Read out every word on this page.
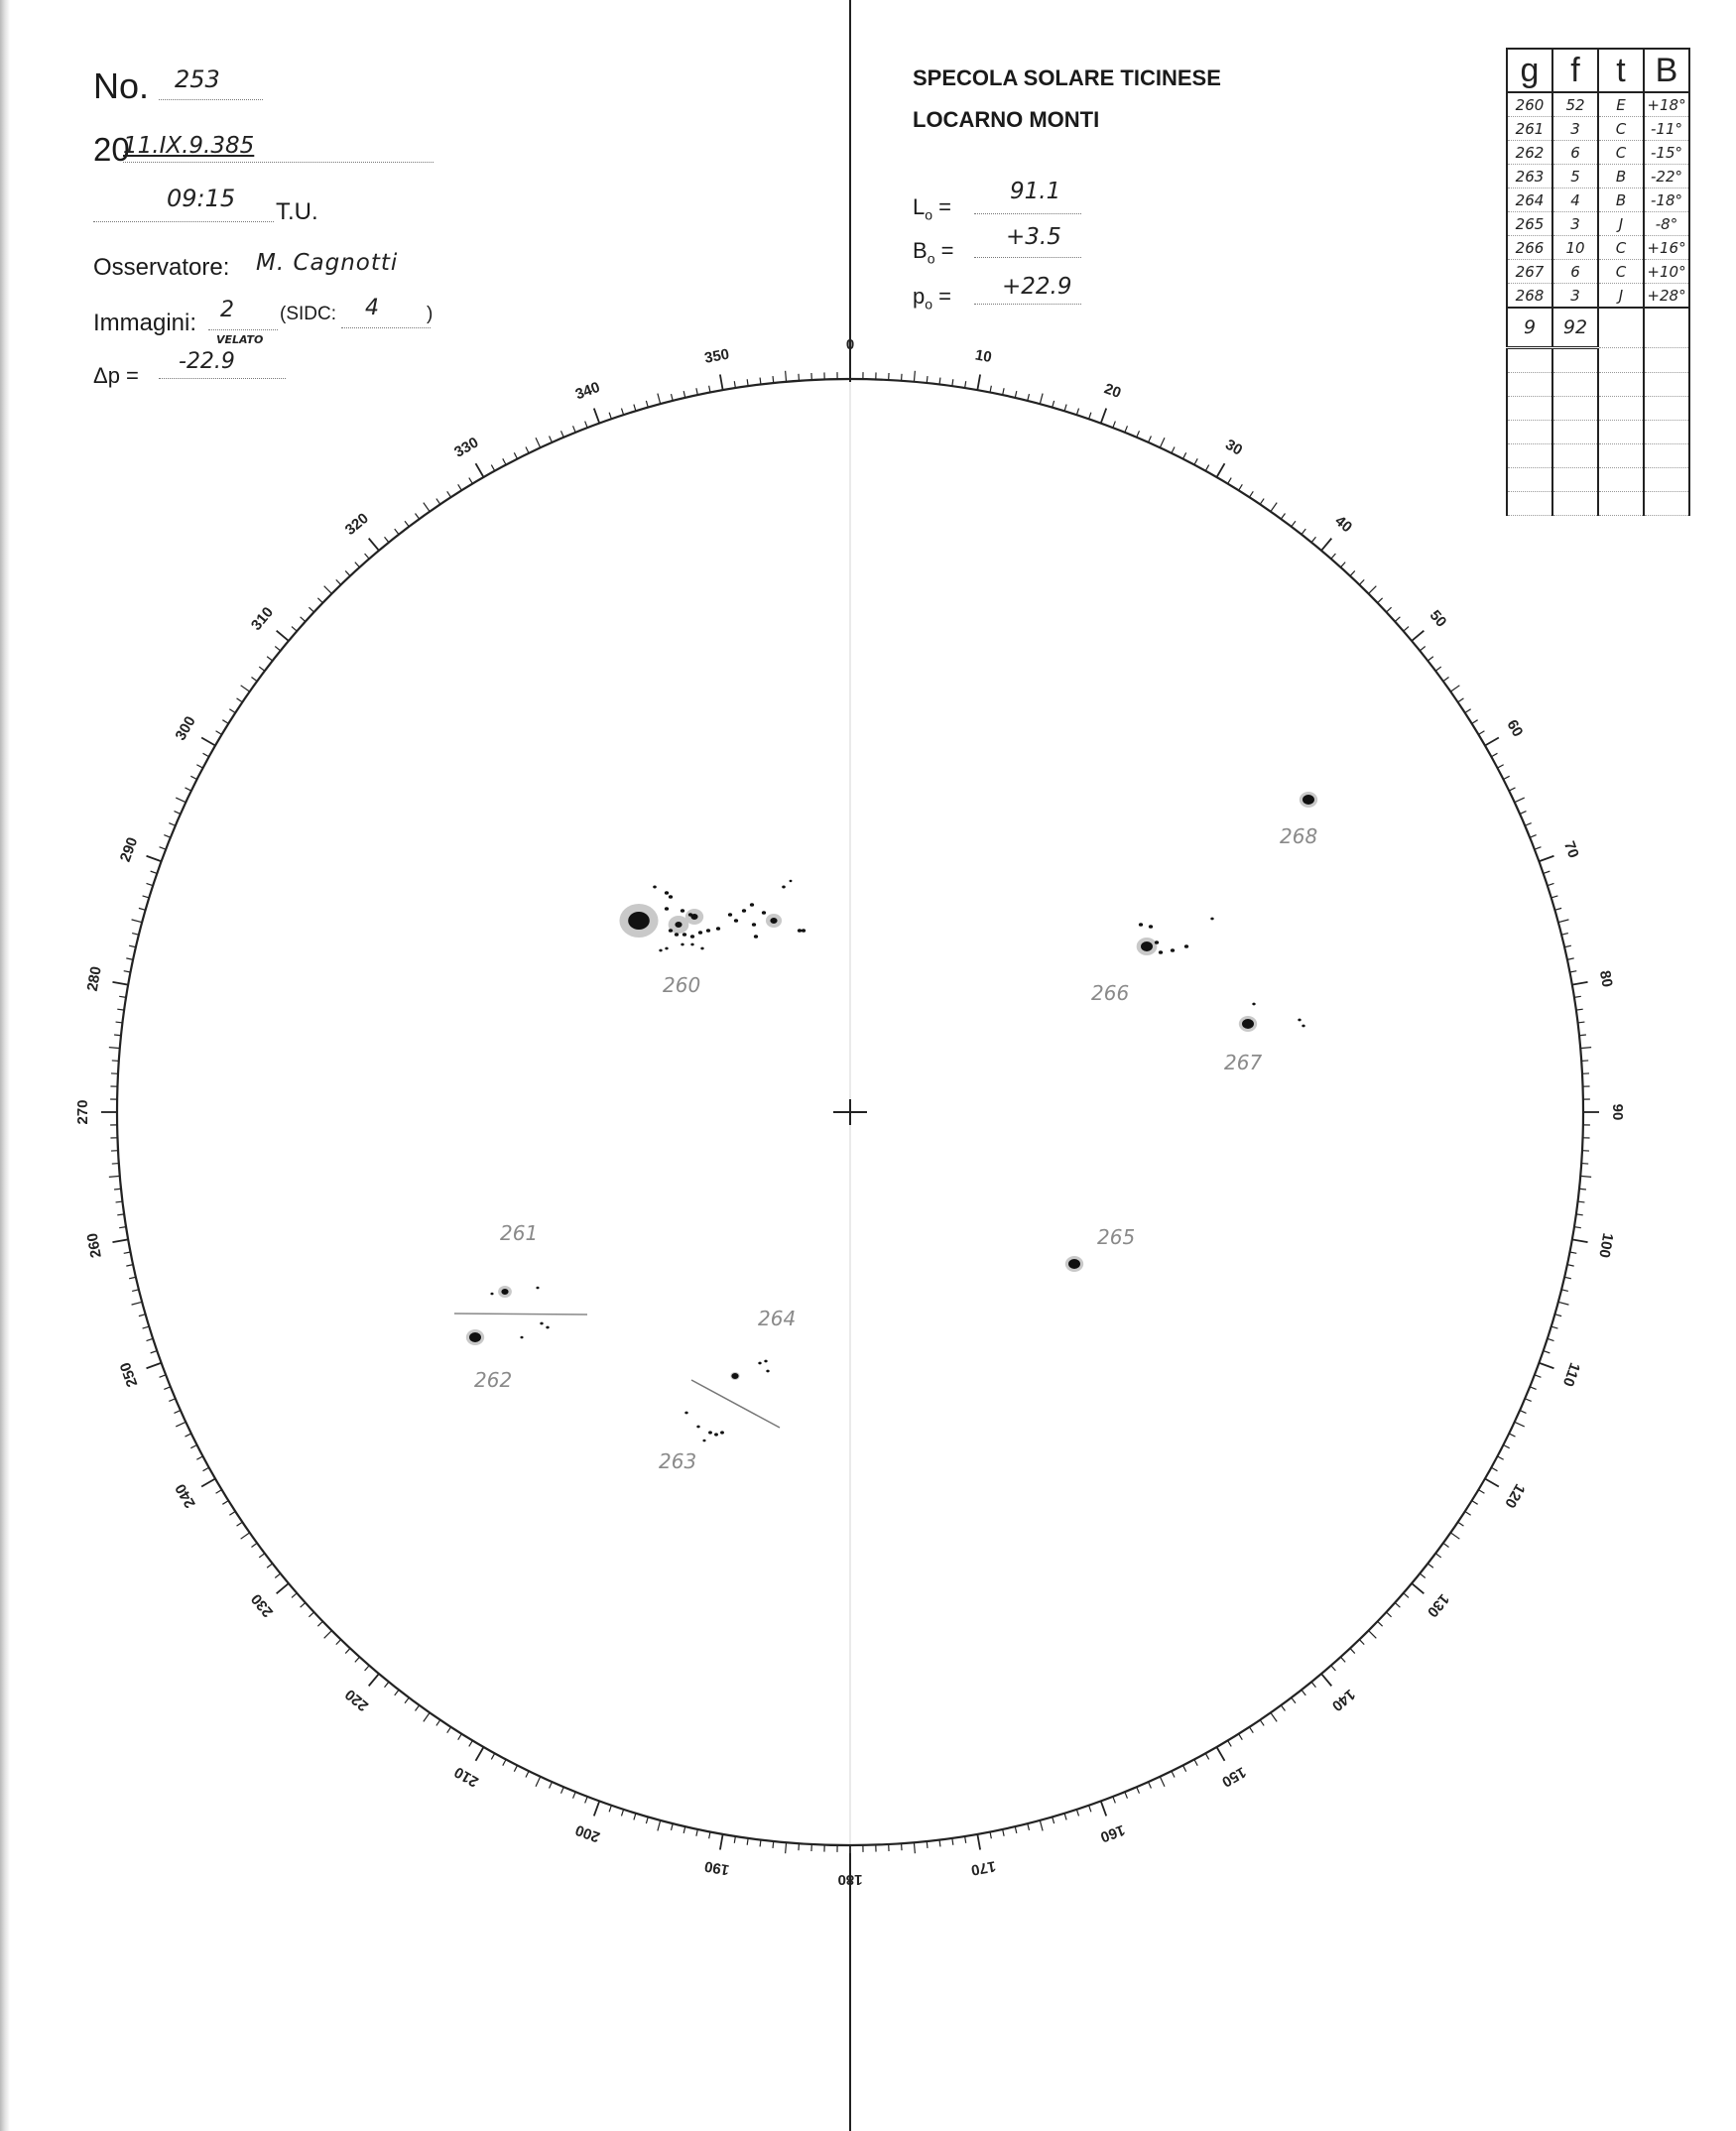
No. 253
20
11.IX.9.385
09:15 T.U.
Osservatore: M. Cagnotti
Immagini: 2
VELATO
(SIDC: 4	)
Δp =
-22.9
SPECOLA SOLARE TICINESE
LOCARNO MONTI
$L_o$ =
91.1
$B_o$ =
+3.5
$p_o = +22.9$
g	f	t	B
260	52	E	+18°
261	3	C	-11°
262	6	C	-15°
263	5	B	-22°
264	4	B	-18°
265	3	J	-8°
266	10	C	+16°
267	6	C	+10°
268	3	J	+28°
9	92		

0
10
20
30
40
50
60
70
80
90
100
110
120
130
140
150
160
170
180
190
200
210
220
230
240
250
260
270
280
290
300
310
320
330
340
350
260
261
262
263
264
265
266
267
268
